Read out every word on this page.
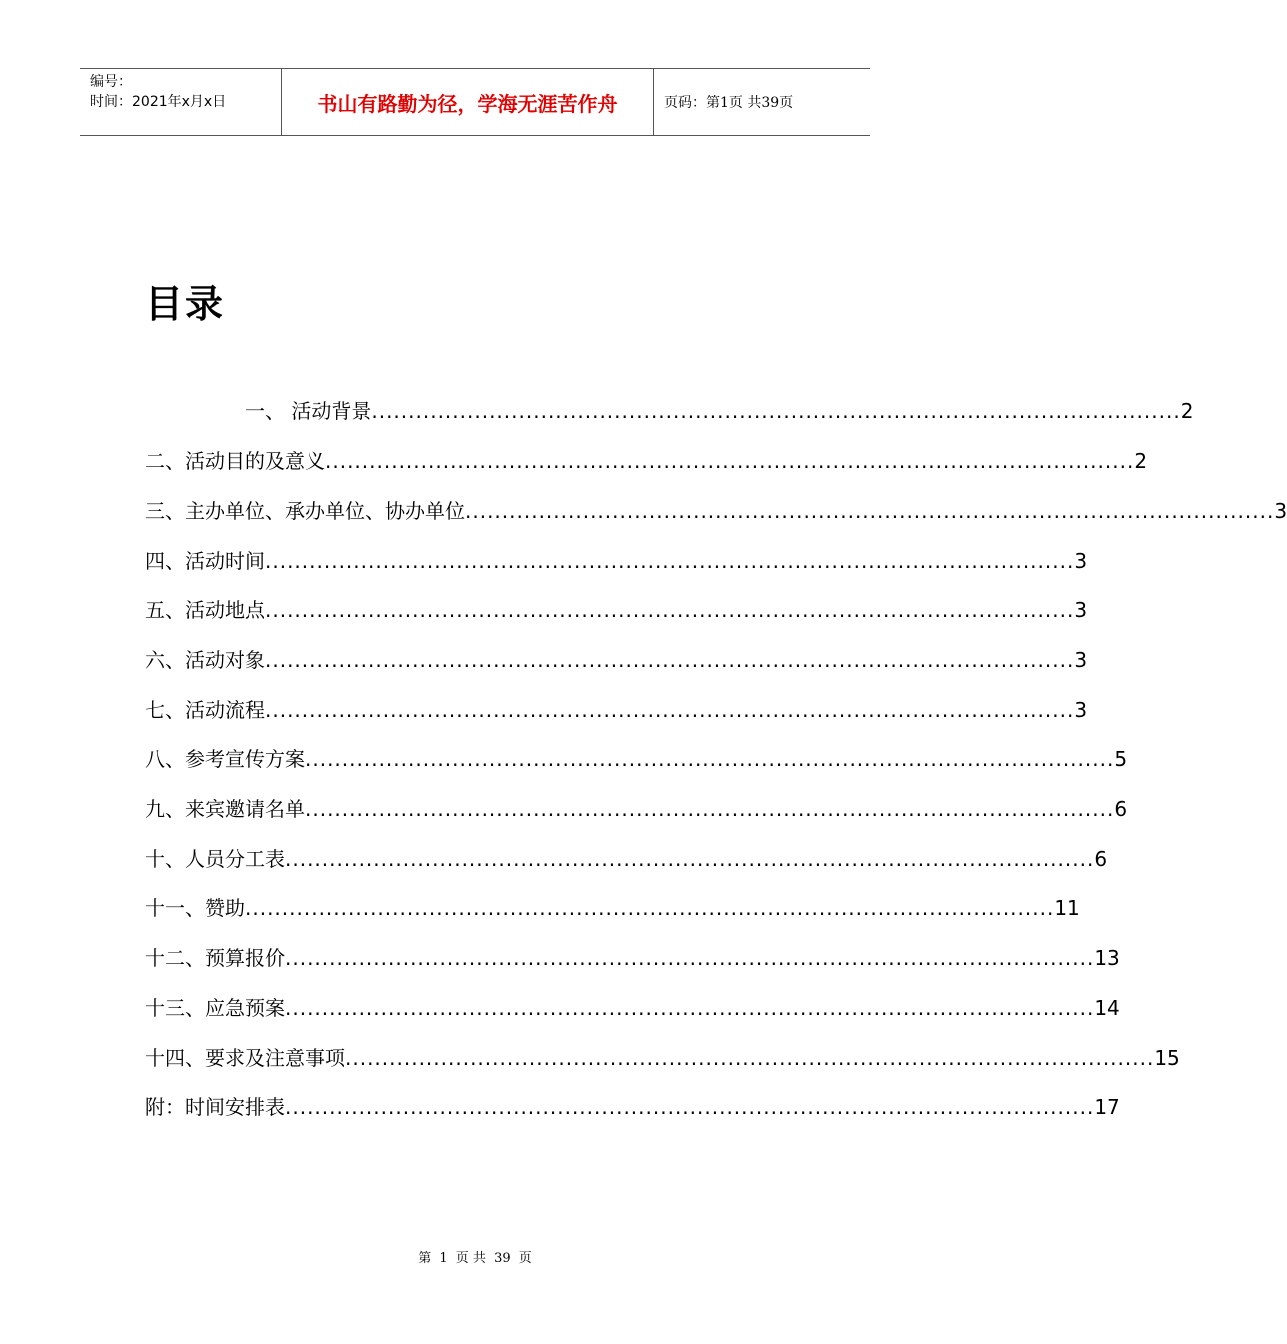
编号：
时间：2021年x月x日	书山有路勤为径，学海无涯苦作舟	页码：第1页 共39页
目录
一、 活动背景 .............................................................................................................. 2
二、活动目的及意义 .............................................................................................................. 2
三、主办单位、承办单位、协办单位 .............................................................................................................. 3
四、活动时间 .............................................................................................................. 3
五、活动地点 .............................................................................................................. 3
六、活动对象 .............................................................................................................. 3
七、活动流程 .............................................................................................................. 3
八、参考宣传方案 .............................................................................................................. 5
九、来宾邀请名单 .............................................................................................................. 6
十、人员分工表 .............................................................................................................. 6
十一、赞助 .............................................................................................................. 11
十二、预算报价 .............................................................................................................. 13
十三、应急预案 .............................................................................................................. 14
十四、要求及注意事项 .............................................................................................................. 15
附：时间安排表 .............................................................................................................. 17
第 1 页 共 39 页
